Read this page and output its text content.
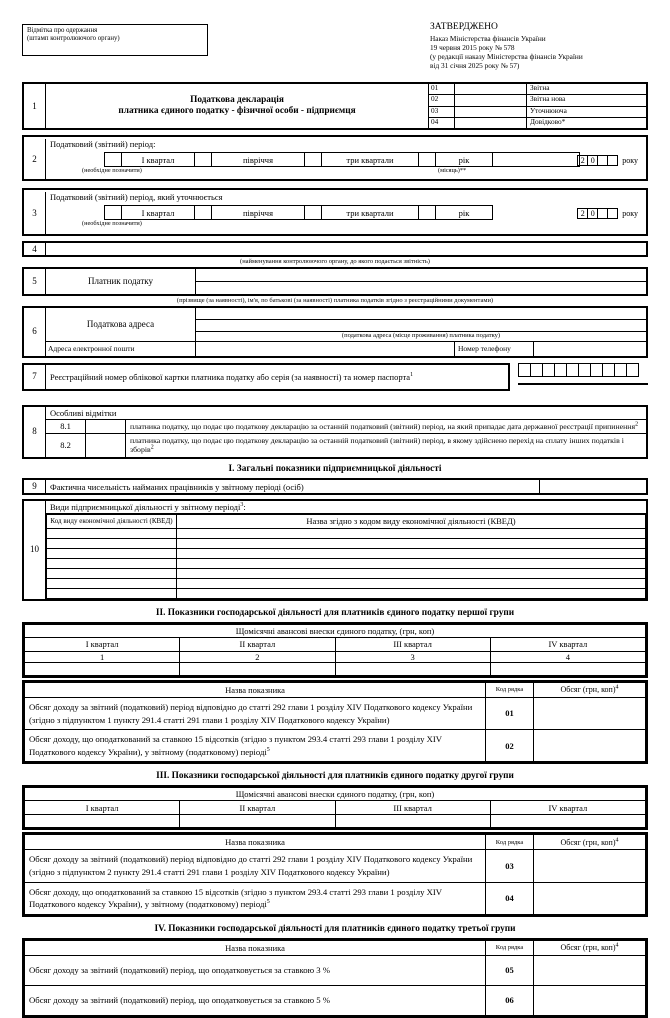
Відмітка про одержання
(штамп контролюючого органу)
ЗАТВЕРДЖЕНО
Наказ Міністерства фінансів України
19 червня 2015 року № 578
(у редакції наказу Міністерства фінансів України
від 31 січня 2025 року № 57)
1
Податкова декларація
платника єдиного податку - фізичної особи - підприємця
01	Звітна
02	Звітна нова
03	Уточнююча
04	Довідково*
2
Податковий (звітний) період:
І квартал	півріччя	три квартали	рік
(необхідне позначити)	(місяць)**
2 0	року
3
Податковий (звітний) період, який уточнюється
І квартал	півріччя	три квартали	рік
(необхідне позначити)
2 0	року
4
(найменування контролюючого органу, до якого подається звітність)
5	Платник податку
(прізвище (за наявності), ім'я, по батькові (за наявності) платника податків згідно з реєстраційними документами)
6
Податкова адреса
(податкова адреса (місце проживання) платника податку)
Адреса електронної пошти	Номер телефону
7	Реєстраційний номер облікової картки платника податку або серія (за наявності) та номер паспорта$^1$
8
Особливі відмітки
8.1	платника податку, що подає цю податкову декларацію за останній податковий (звітний) період, на який припадає дата державної реєстрації припинення$^2$
8.2	платника податку, що подає цю податкову декларацію за останній податковий (звітний) період, в якому здійснено перехід на сплату інших податків і зборів$^2$
І. Загальні показники підприємницької діяльності
9	Фактична чисельність найманих працівників у звітному періоді (осіб)
10
Види підприємницької діяльності у звітному періоді$^3$:
Код виду економічної діяльності (КВЕД)	Назва згідно з кодом виду економічної діяльності (КВЕД)

ІІ. Показники господарської діяльності для платників єдиного податку першої групи
Щомісячні авансові внески єдиного податку, (грн, коп)			
І квартал	ІІ квартал	ІІІ квартал	ІV квартал
1	2	3	4

Назва показника	Код рядка	Обсяг (грн, коп)$^4$
Обсяг доходу за звітний (податковий) період відповідно до статті 292 глави 1 розділу XIV Податкового кодексу України (згідно з підпунктом 1 пункту 291.4 статті 291 глави 1 розділу XIV Податкового кодексу України)	01	
Обсяг доходу, що оподаткований за ставкою 15 відсотків (згідно з пунктом 293.4 статті 293 глави 1 розділу XIV Податкового кодексу України), у звітному (податковому) періоді$^5$	02	
ІІІ. Показники господарської діяльності для платників єдиного податку другої групи
Щомісячні авансові внески єдиного податку, (грн, коп)			
І квартал	ІІ квартал	ІІІ квартал	ІV квартал

Назва показника	Код рядка	Обсяг (грн, коп)$^4$
Обсяг доходу за звітний (податковий) період відповідно до статті 292 глави 1 розділу XIV Податкового кодексу України (згідно з підпунктом 2 пункту 291.4 статті 291 глави 1 розділу XIV Податкового кодексу України)	03	
Обсяг доходу, що оподаткований за ставкою 15 відсотків (згідно з пунктом 293.4 статті 293 глави 1 розділу XIV Податкового кодексу України), у звітному (податковому) періоді$^5$	04	
ІV. Показники господарської діяльності для платників єдиного податку третьої групи
Назва показника	Код рядка	Обсяг (грн, коп)$^4$
Обсяг доходу за звітний (податковий) період, що оподатковується за ставкою 3 %	05	
Обсяг доходу за звітний (податковий) період, що оподатковується за ставкою 5 %	06	
